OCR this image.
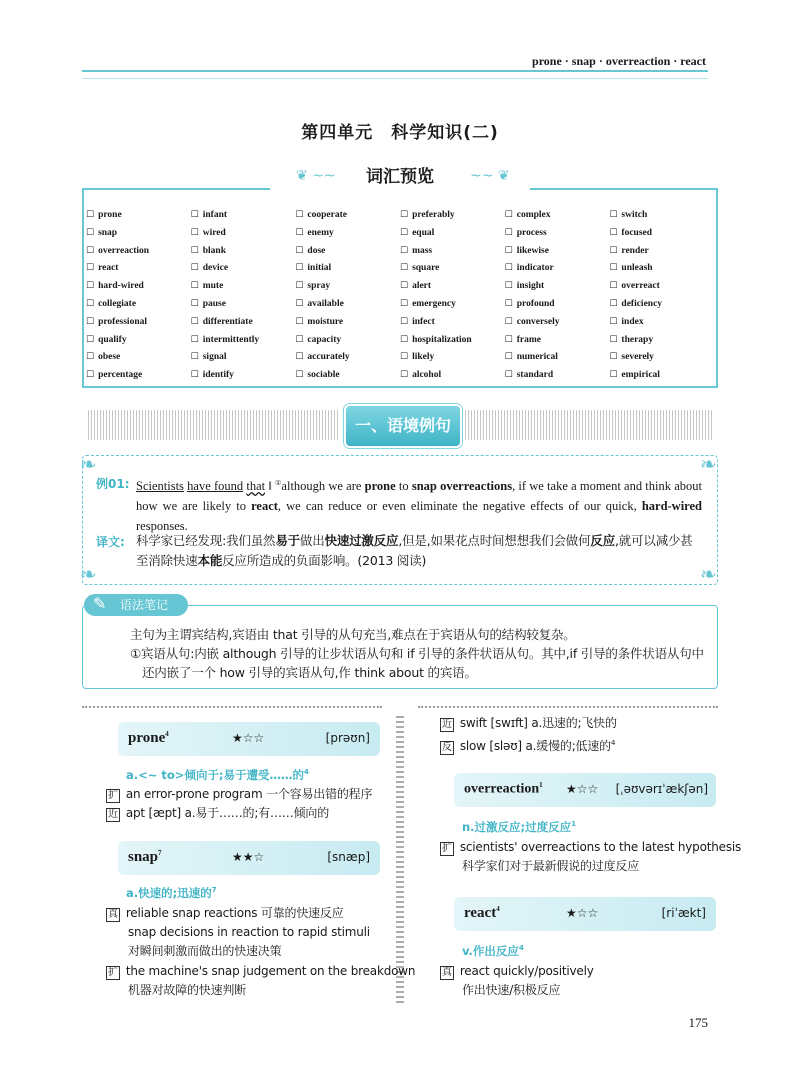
prone · snap · overreaction · react
第四单元　科学知识(二)
❦ ~~	~~ ❦
词汇预览
☐ prone	☐ infant	☐ cooperate	☐ preferably	☐ complex	☐ switch
☐ snap	☐ wired	☐ enemy	☐ equal	☐ process	☐ focused
☐ overreaction	☐ blank	☐ dose	☐ mass	☐ likewise	☐ render
☐ react	☐ device	☐ initial	☐ square	☐ indicator	☐ unleash
☐ hard-wired	☐ mute	☐ spray	☐ alert	☐ insight	☐ overreact
☐ collegiate	☐ pause	☐ available	☐ emergency	☐ profound	☐ deficiency
☐ professional	☐ differentiate	☐ moisture	☐ infect	☐ conversely	☐ index
☐ qualify	☐ intermittently	☐ capacity	☐ hospitalization	☐ frame	☐ therapy
☐ obese	☐ signal	☐ accurately	☐ likely	☐ numerical	☐ severely
☐ percentage	☐ identify	☐ sociable	☐ alcohol	☐ standard	☐ empirical
一、语境例句
❧	❧
❧	❧
例01: Scientists have found that ‖ ①although we are prone to snap overreactions, if we take a moment and think about how we are likely to react, we can reduce or even eliminate the negative effects of our quick, hard-wired responses.
译文: 科学家已经发现:我们虽然易于做出快速过激反应,但是,如果花点时间想想我们会做何反应,就可以减少甚至消除快速本能反应所造成的负面影响。(2013 阅读)
语法笔记
✎
主句为主谓宾结构,宾语由 that 引导的从句充当,难点在于宾语从句的结构较复杂。
①宾语从句:内嵌 although 引导的让步状语从句和 if 引导的条件状语从句。其中,if 引导的条件状语从句中还内嵌了一个 how 引导的宾语从句,作 think about 的宾语。
prone$^4$	★☆☆	[prəʊn]
a.<~ to>倾向于;易于遭受……的$^4$
扩 an error-prone program 一个容易出错的程序
近 apt [æpt] a.易于……的;有……倾向的
snap$^7$	★★☆	[snæp]
a.快速的;迅速的$^7$
真 reliable snap reactions 可靠的快速反应
snap decisions in reaction to rapid stimuli
对瞬间刺激而做出的快速决策
扩 the machine's snap judgement on the breakdown
机器对故障的快速判断
近 swift [swɪft] a.迅速的;飞快的
反 slow [sləʊ] a.缓慢的;低速的$^4$
overreaction$^1$ ★☆☆ [ˌəʊvərɪˈækʃən]
n.过激反应;过度反应$^1$
扩 scientists' overreactions to the latest hypothesis
科学家们对于最新假说的过度反应
react$^4$	★☆☆	[riˈækt]
v.作出反应$^4$
真 react quickly/positively
作出快速/积极反应
175
